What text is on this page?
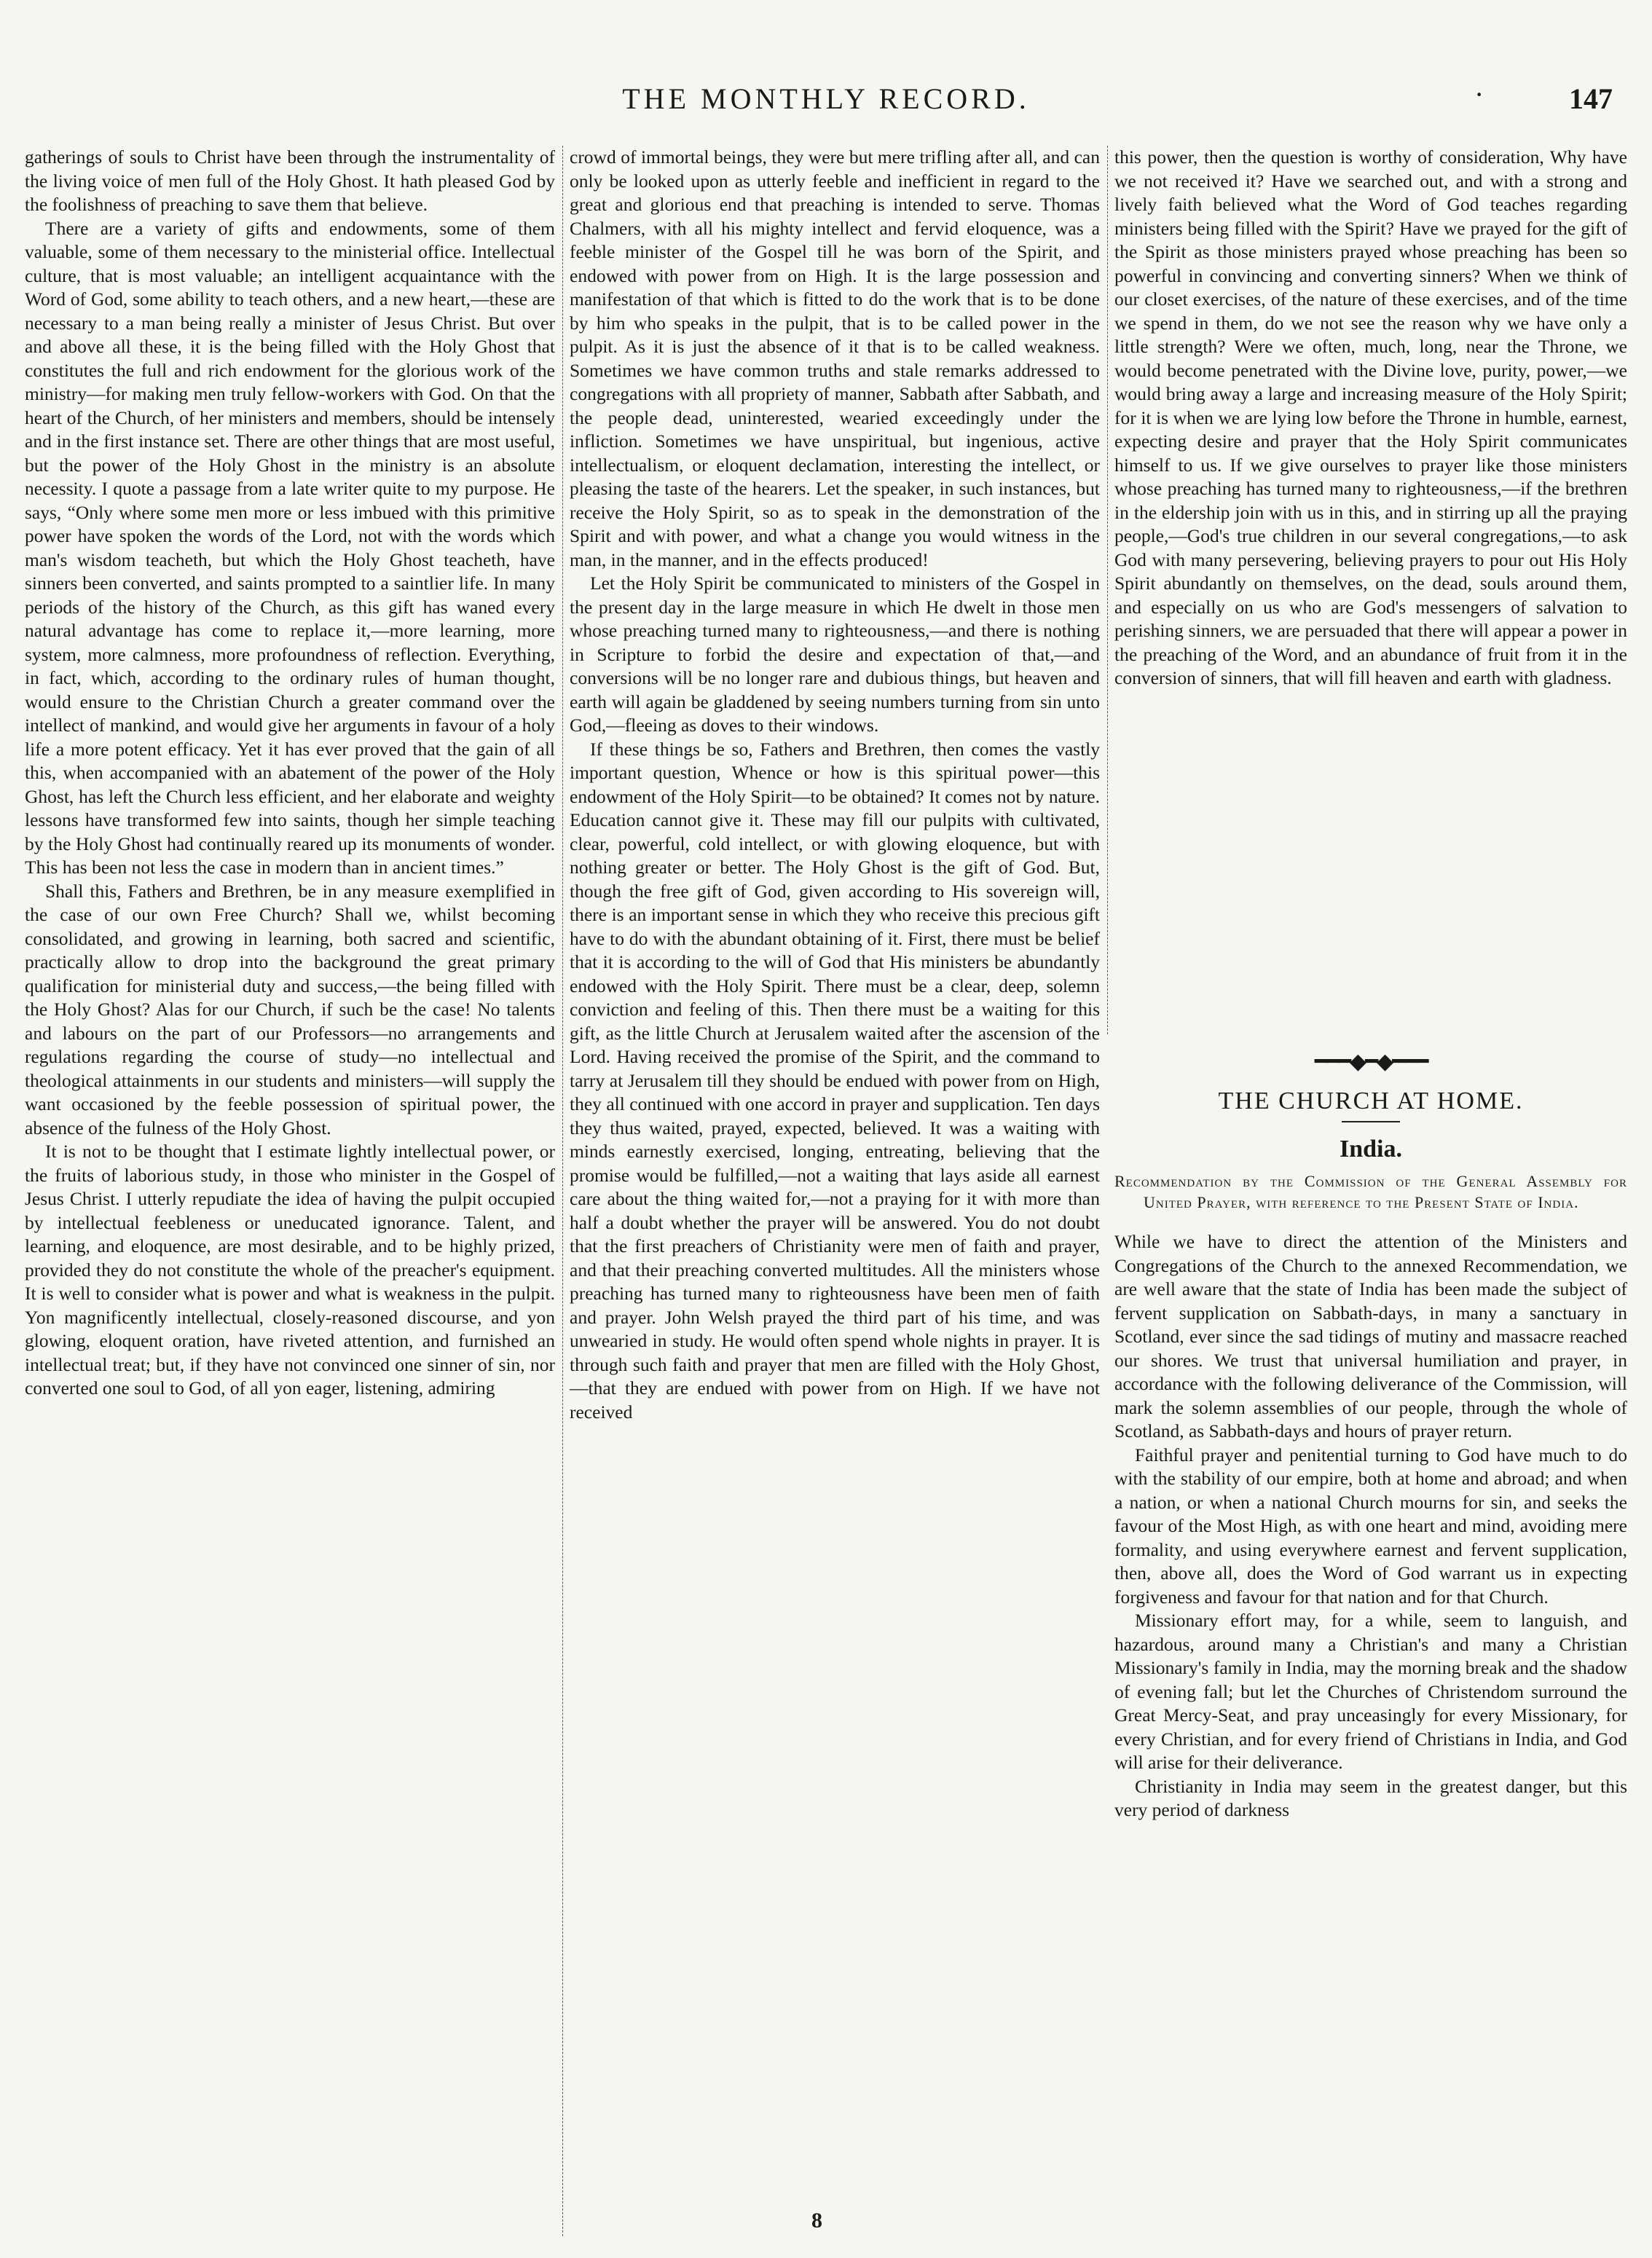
THE MONTHLY RECORD.	·	147

gatherings of souls to Christ have been through the instrumentality of the living voice of men full of the Holy Ghost. It hath pleased God by the foolishness of preaching to save them that believe.

There are a variety of gifts and endowments, some of them valuable, some of them necessary to the ministerial office. Intellectual culture, that is most valuable; an intelligent acquaintance with the Word of God, some ability to teach others, and a new heart,—these are necessary to a man being really a minister of Jesus Christ. But over and above all these, it is the being filled with the Holy Ghost that constitutes the full and rich endowment for the glorious work of the ministry—for making men truly fellow-workers with God. On that the heart of the Church, of her ministers and members, should be intensely and in the first instance set. There are other things that are most useful, but the power of the Holy Ghost in the ministry is an absolute necessity. I quote a passage from a late writer quite to my purpose. He says, “Only where some men more or less imbued with this primitive power have spoken the words of the Lord, not with the words which man's wisdom teacheth, but which the Holy Ghost teacheth, have sinners been converted, and saints prompted to a saintlier life. In many periods of the history of the Church, as this gift has waned every natural advantage has come to replace it,—more learning, more system, more calmness, more profoundness of reflection. Everything, in fact, which, according to the ordinary rules of human thought, would ensure to the Christian Church a greater command over the intellect of mankind, and would give her arguments in favour of a holy life a more potent efficacy. Yet it has ever proved that the gain of all this, when accompanied with an abatement of the power of the Holy Ghost, has left the Church less efficient, and her elaborate and weighty lessons have transformed few into saints, though her simple teaching by the Holy Ghost had continually reared up its monuments of wonder. This has been not less the case in modern than in ancient times.”

Shall this, Fathers and Brethren, be in any measure exemplified in the case of our own Free Church? Shall we, whilst becoming consolidated, and growing in learning, both sacred and scientific, practically allow to drop into the background the great primary qualification for ministerial duty and success,—the being filled with the Holy Ghost? Alas for our Church, if such be the case! No talents and labours on the part of our Professors—no arrangements and regulations regarding the course of study—no intellectual and theological attainments in our students and ministers—will supply the want occasioned by the feeble possession of spiritual power, the absence of the fulness of the Holy Ghost.

It is not to be thought that I estimate lightly intellectual power, or the fruits of laborious study, in those who minister in the Gospel of Jesus Christ. I utterly repudiate the idea of having the pulpit occupied by intellectual feebleness or uneducated ignorance. Talent, and learning, and eloquence, are most desirable, and to be highly prized, provided they do not constitute the whole of the preacher's equipment. It is well to consider what is power and what is weakness in the pulpit. Yon magnificently intellectual, closely-reasoned discourse, and yon glowing, eloquent oration, have riveted attention, and furnished an intellectual treat; but, if they have not convinced one sinner of sin, nor converted one soul to God, of all yon eager, listening, admiring

crowd of immortal beings, they were but mere trifling after all, and can only be looked upon as utterly feeble and inefficient in regard to the great and glorious end that preaching is intended to serve. Thomas Chalmers, with all his mighty intellect and fervid eloquence, was a feeble minister of the Gospel till he was born of the Spirit, and endowed with power from on High. It is the large possession and manifestation of that which is fitted to do the work that is to be done by him who speaks in the pulpit, that is to be called power in the pulpit. As it is just the absence of it that is to be called weakness. Sometimes we have common truths and stale remarks addressed to congregations with all propriety of manner, Sabbath after Sabbath, and the people dead, uninterested, wearied exceedingly under the infliction. Sometimes we have unspiritual, but ingenious, active intellectualism, or eloquent declamation, interesting the intellect, or pleasing the taste of the hearers. Let the speaker, in such instances, but receive the Holy Spirit, so as to speak in the demonstration of the Spirit and with power, and what a change you would witness in the man, in the manner, and in the effects produced!

Let the Holy Spirit be communicated to ministers of the Gospel in the present day in the large measure in which He dwelt in those men whose preaching turned many to righteousness,—and there is nothing in Scripture to forbid the desire and expectation of that,—and conversions will be no longer rare and dubious things, but heaven and earth will again be gladdened by seeing numbers turning from sin unto God,—fleeing as doves to their windows.

If these things be so, Fathers and Brethren, then comes the vastly important question, Whence or how is this spiritual power—this endowment of the Holy Spirit—to be obtained? It comes not by nature. Education cannot give it. These may fill our pulpits with cultivated, clear, powerful, cold intellect, or with glowing eloquence, but with nothing greater or better. The Holy Ghost is the gift of God. But, though the free gift of God, given according to His sovereign will, there is an important sense in which they who receive this precious gift have to do with the abundant obtaining of it. First, there must be belief that it is according to the will of God that His ministers be abundantly endowed with the Holy Spirit. There must be a clear, deep, solemn conviction and feeling of this. Then there must be a waiting for this gift, as the little Church at Jerusalem waited after the ascension of the Lord. Having received the promise of the Spirit, and the command to tarry at Jerusalem till they should be endued with power from on High, they all continued with one accord in prayer and supplication. Ten days they thus waited, prayed, expected, believed. It was a waiting with minds earnestly exercised, longing, entreating, believing that the promise would be fulfilled,—not a waiting that lays aside all earnest care about the thing waited for,—not a praying for it with more than half a doubt whether the prayer will be answered. You do not doubt that the first preachers of Christianity were men of faith and prayer, and that their preaching converted multitudes. All the ministers whose preaching has turned many to righteousness have been men of faith and prayer. John Welsh prayed the third part of his time, and was unwearied in study. He would often spend whole nights in prayer. It is through such faith and prayer that men are filled with the Holy Ghost,—that they are endued with power from on High. If we have not received

this power, then the question is worthy of consideration, Why have we not received it? Have we searched out, and with a strong and lively faith believed what the Word of God teaches regarding ministers being filled with the Spirit? Have we prayed for the gift of the Spirit as those ministers prayed whose preaching has been so powerful in convincing and converting sinners? When we think of our closet exercises, of the nature of these exercises, and of the time we spend in them, do we not see the reason why we have only a little strength? Were we often, much, long, near the Throne, we would become penetrated with the Divine love, purity, power,—we would bring away a large and increasing measure of the Holy Spirit; for it is when we are lying low before the Throne in humble, earnest, expecting desire and prayer that the Holy Spirit communicates himself to us. If we give ourselves to prayer like those ministers whose preaching has turned many to righteousness,—if the brethren in the eldership join with us in this, and in stirring up all the praying people,—God's true children in our several congregations,—to ask God with many persevering, believing prayers to pour out His Holy Spirit abundantly on themselves, on the dead, souls around them, and especially on us who are God's messengers of salvation to perishing sinners, we are persuaded that there will appear a power in the preaching of the Word, and an abundance of fruit from it in the conversion of sinners, that will fill heaven and earth with gladness.

━━━◆━◆━━━
THE CHURCH AT HOME.
India.

Recommendation by the Commission of the General Assembly for United Prayer, with reference to the Present State of India.

While we have to direct the attention of the Ministers and Congregations of the Church to the annexed Recommendation, we are well aware that the state of India has been made the subject of fervent supplication on Sabbath-days, in many a sanctuary in Scotland, ever since the sad tidings of mutiny and massacre reached our shores. We trust that universal humiliation and prayer, in accordance with the following deliverance of the Commission, will mark the solemn assemblies of our people, through the whole of Scotland, as Sabbath-days and hours of prayer return.

Faithful prayer and penitential turning to God have much to do with the stability of our empire, both at home and abroad; and when a nation, or when a national Church mourns for sin, and seeks the favour of the Most High, as with one heart and mind, avoiding mere formality, and using everywhere earnest and fervent supplication, then, above all, does the Word of God warrant us in expecting forgiveness and favour for that nation and for that Church.

Missionary effort may, for a while, seem to languish, and hazardous, around many a Christian's and many a Christian Missionary's family in India, may the morning break and the shadow of evening fall; but let the Churches of Christendom surround the Great Mercy-Seat, and pray unceasingly for every Missionary, for every Christian, and for every friend of Christians in India, and God will arise for their deliverance.

Christianity in India may seem in the greatest danger, but this very period of darkness

8
